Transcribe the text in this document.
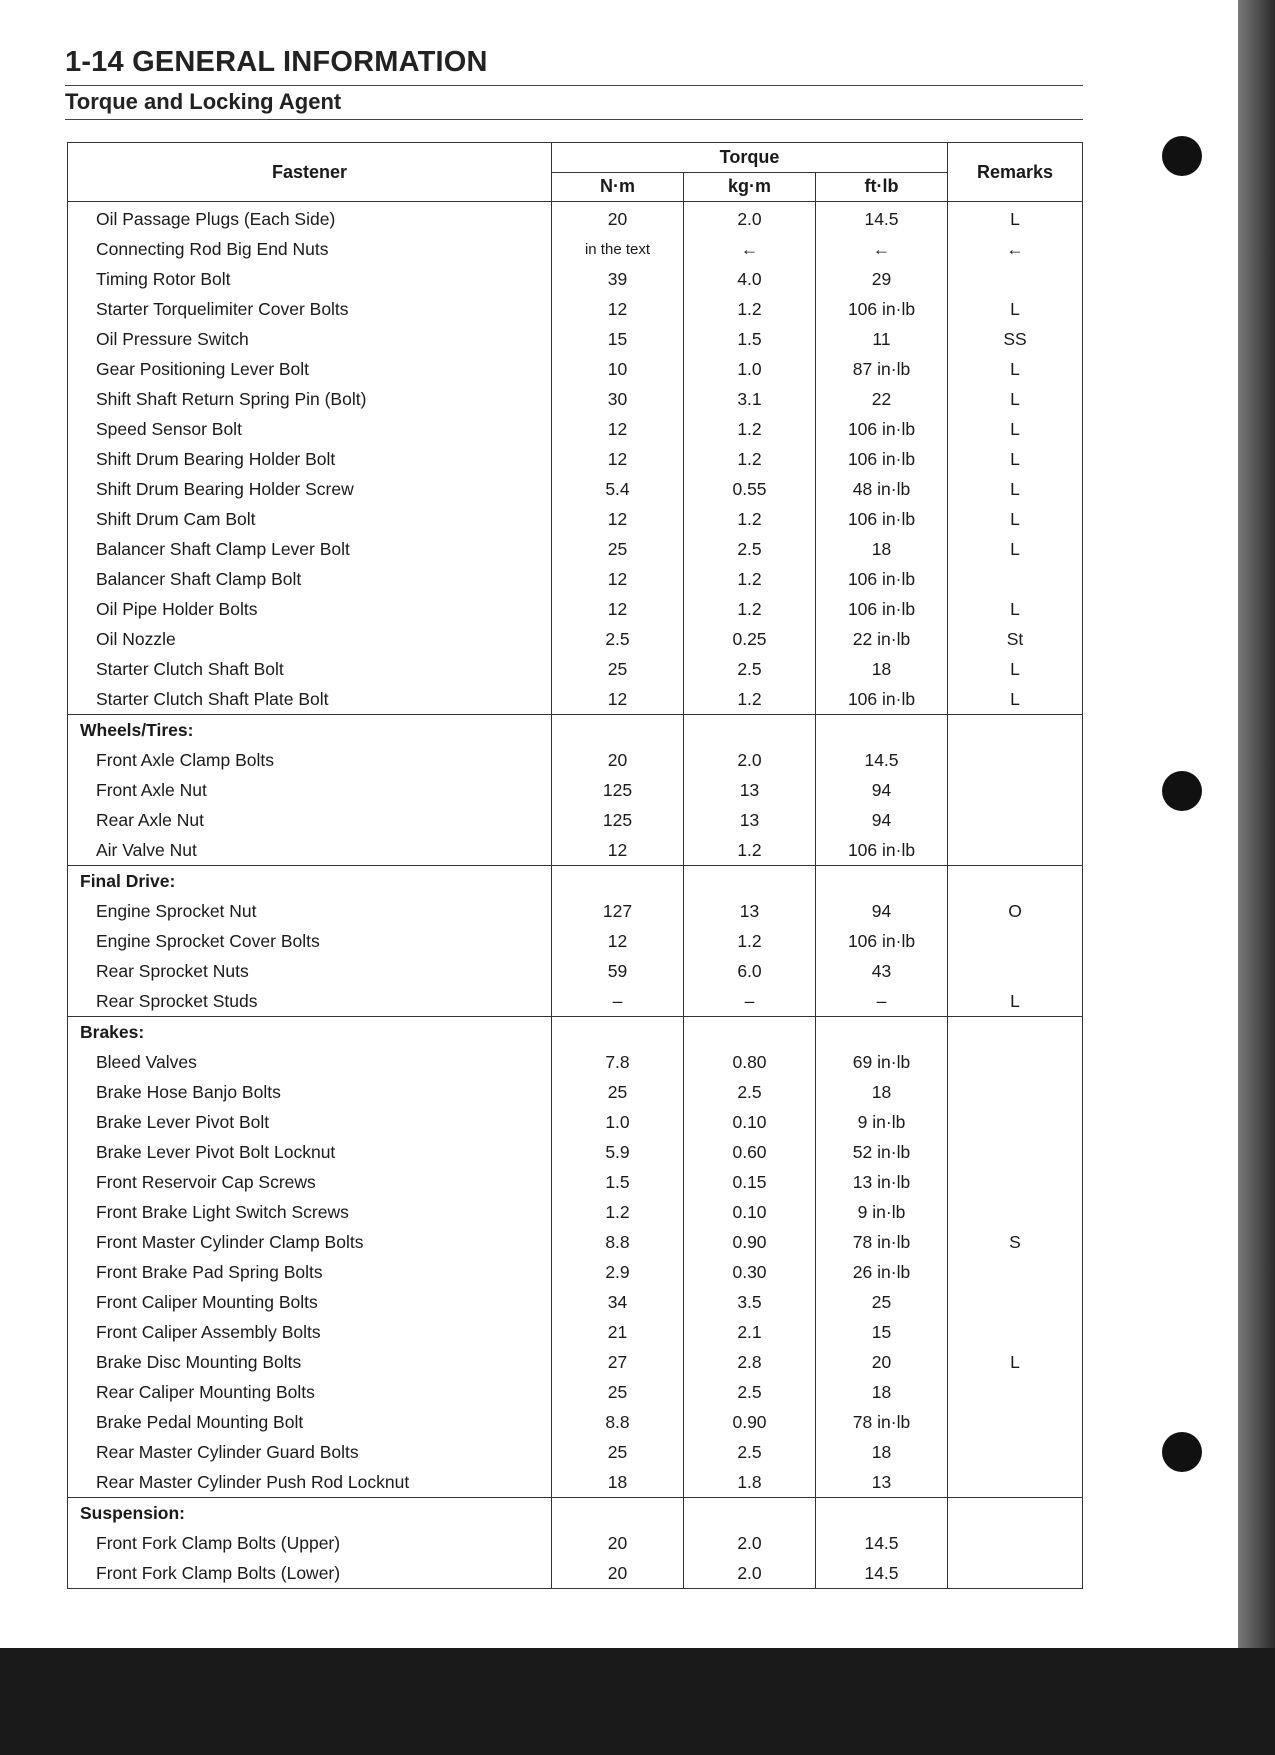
1-14 GENERAL INFORMATION
Torque and Locking Agent
Fastener	Torque			Remarks
	N·m	kg·m	ft·lb	
Oil Passage Plugs (Each Side)	20	2.0	14.5	L
Connecting Rod Big End Nuts	in the text	←	←	←
Timing Rotor Bolt	39	4.0	29	
Starter Torquelimiter Cover Bolts	12	1.2	106 in·lb	L
Oil Pressure Switch	15	1.5	11	SS
Gear Positioning Lever Bolt	10	1.0	87 in·lb	L
Shift Shaft Return Spring Pin (Bolt)	30	3.1	22	L
Speed Sensor Bolt	12	1.2	106 in·lb	L
Shift Drum Bearing Holder Bolt	12	1.2	106 in·lb	L
Shift Drum Bearing Holder Screw	5.4	0.55	48 in·lb	L
Shift Drum Cam Bolt	12	1.2	106 in·lb	L
Balancer Shaft Clamp Lever Bolt	25	2.5	18	L
Balancer Shaft Clamp Bolt	12	1.2	106 in·lb	
Oil Pipe Holder Bolts	12	1.2	106 in·lb	L
Oil Nozzle	2.5	0.25	22 in·lb	St
Starter Clutch Shaft Bolt	25	2.5	18	L
Starter Clutch Shaft Plate Bolt	12	1.2	106 in·lb	L
Wheels/Tires:				
Front Axle Clamp Bolts	20	2.0	14.5	
Front Axle Nut	125	13	94	
Rear Axle Nut	125	13	94	
Air Valve Nut	12	1.2	106 in·lb	
Final Drive:				
Engine Sprocket Nut	127	13	94	O
Engine Sprocket Cover Bolts	12	1.2	106 in·lb	
Rear Sprocket Nuts	59	6.0	43	
Rear Sprocket Studs	–	–	–	L
Brakes:				
Bleed Valves	7.8	0.80	69 in·lb	
Brake Hose Banjo Bolts	25	2.5	18	
Brake Lever Pivot Bolt	1.0	0.10	9 in·lb	
Brake Lever Pivot Bolt Locknut	5.9	0.60	52 in·lb	
Front Reservoir Cap Screws	1.5	0.15	13 in·lb	
Front Brake Light Switch Screws	1.2	0.10	9 in·lb	
Front Master Cylinder Clamp Bolts	8.8	0.90	78 in·lb	S
Front Brake Pad Spring Bolts	2.9	0.30	26 in·lb	
Front Caliper Mounting Bolts	34	3.5	25	
Front Caliper Assembly Bolts	21	2.1	15	
Brake Disc Mounting Bolts	27	2.8	20	L
Rear Caliper Mounting Bolts	25	2.5	18	
Brake Pedal Mounting Bolt	8.8	0.90	78 in·lb	
Rear Master Cylinder Guard Bolts	25	2.5	18	
Rear Master Cylinder Push Rod Locknut	18	1.8	13	
Suspension:				
Front Fork Clamp Bolts (Upper)	20	2.0	14.5	
Front Fork Clamp Bolts (Lower)	20	2.0	14.5	
